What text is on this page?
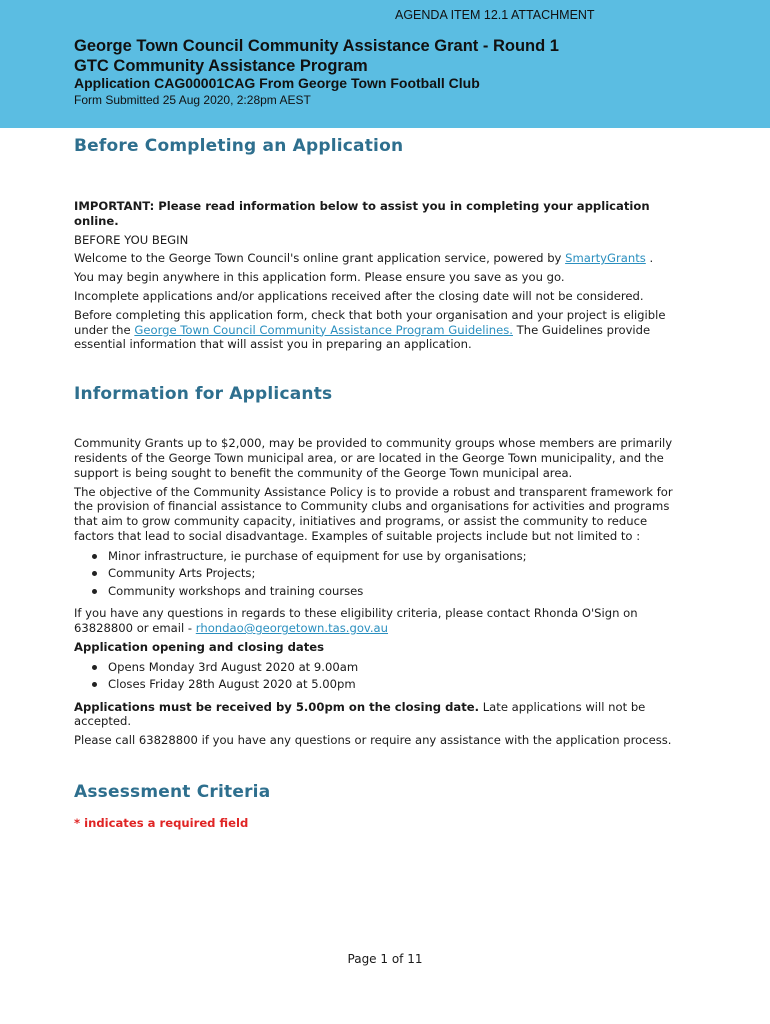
AGENDA ITEM 12.1 ATTACHMENT
George Town Council Community Assistance Grant - Round 1
GTC Community Assistance Program
Application CAG00001CAG From George Town Football Club
Form Submitted 25 Aug 2020, 2:28pm AEST
Before Completing an Application

IMPORTANT: Please read information below to assist you in completing your application online.

BEFORE YOU BEGIN

Welcome to the George Town Council's online grant application service, powered by SmartyGrants .

You may begin anywhere in this application form. Please ensure you save as you go.

Incomplete applications and/or applications received after the closing date will not be considered.

Before completing this application form, check that both your organisation and your project is eligible under the George Town Council Community Assistance Program Guidelines. The Guidelines provide essential information that will assist you in preparing an application.

Information for Applicants

Community Grants up to $2,000, may be provided to community groups whose members are primarily residents of the George Town municipal area, or are located in the George Town municipality, and the support is being sought to benefit the community of the George Town municipal area.

The objective of the Community Assistance Policy is to provide a robust and transparent framework for the provision of financial assistance to Community clubs and organisations for activities and programs that aim to grow community capacity, initiatives and programs, or assist the community to reduce factors that lead to social disadvantage. Examples of suitable projects include but not limited to :

Minor infrastructure, ie purchase of equipment for use by organisations;
Community Arts Projects;
Community workshops and training courses

If you have any questions in regards to these eligibility criteria, please contact Rhonda O'Sign on 63828800 or email - rhondao@georgetown.tas.gov.au

Application opening and closing dates

Opens Monday 3rd August 2020 at 9.00am
Closes Friday 28th August 2020 at 5.00pm

Applications must be received by 5.00pm on the closing date. Late applications will not be accepted.

Please call 63828800 if you have any questions or require any assistance with the application process.

Assessment Criteria

* indicates a required field

Page 1 of 11
